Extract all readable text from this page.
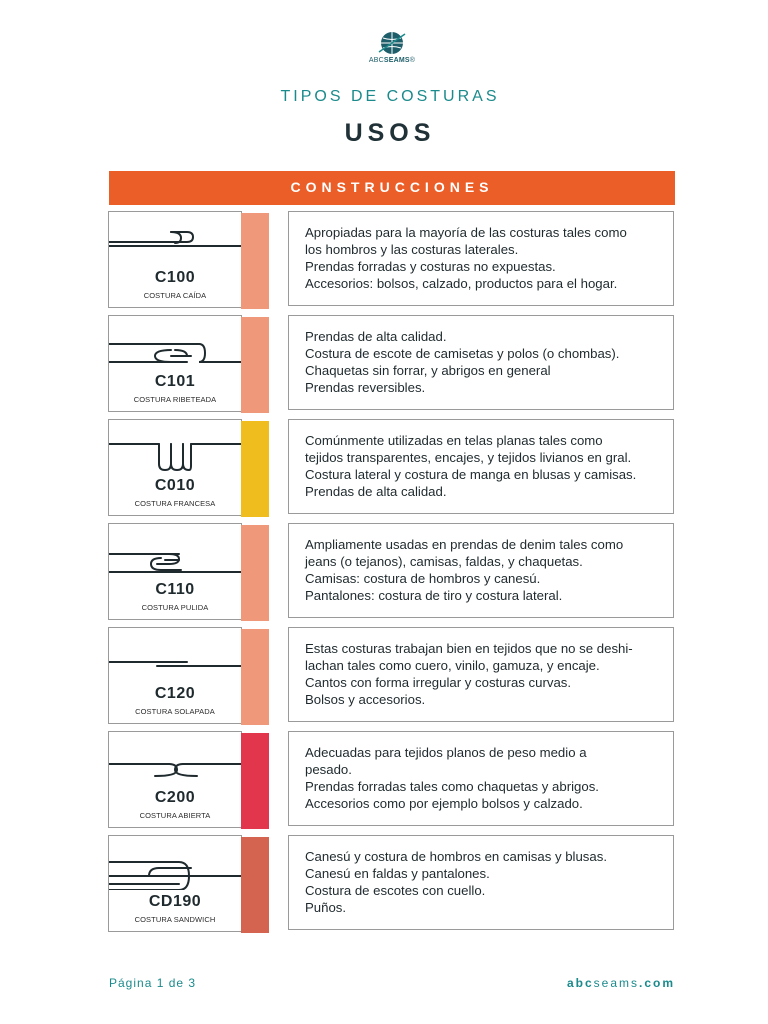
ABCSEAMS®
TIPOS DE COSTURAS
USOS
CONSTRUCCIONES
C100
COSTURA CAÍDA
Apropiadas para la mayoría de las costuras tales como
los hombros y las costuras laterales.
Prendas forradas y costuras no expuestas.
Accesorios: bolsos, calzado, productos para el hogar.
C101
COSTURA RIBETEADA
Prendas de alta calidad.
Costura de escote de camisetas y polos (o chombas).
Chaquetas sin forrar, y abrigos en general
Prendas reversibles.
C010
COSTURA FRANCESA
Comúnmente utilizadas en telas planas tales como
tejidos transparentes, encajes, y tejidos livianos en gral.
Costura lateral y costura de manga en blusas y camisas.
Prendas de alta calidad.
C110
COSTURA PULIDA
Ampliamente usadas en prendas de denim tales como
jeans (o tejanos), camisas, faldas, y chaquetas.
Camisas: costura de hombros y canesú.
Pantalones: costura de tiro y costura lateral.
C120
COSTURA SOLAPADA
Estas costuras trabajan bien en tejidos que no se deshi-
lachan tales como cuero, vinilo, gamuza, y encaje.
Cantos con forma irregular y costuras curvas.
Bolsos y accesorios.
C200
COSTURA ABIERTA
Adecuadas para tejidos planos de peso medio a
pesado.
Prendas forradas tales como chaquetas y abrigos.
Accesorios como por ejemplo bolsos y calzado.
CD190
COSTURA SANDWICH
Canesú y costura de hombros en camisas y blusas.
Canesú en faldas y pantalones.
Costura de escotes con cuello.
Puños.
Página 1 de 3	abcseams.com
